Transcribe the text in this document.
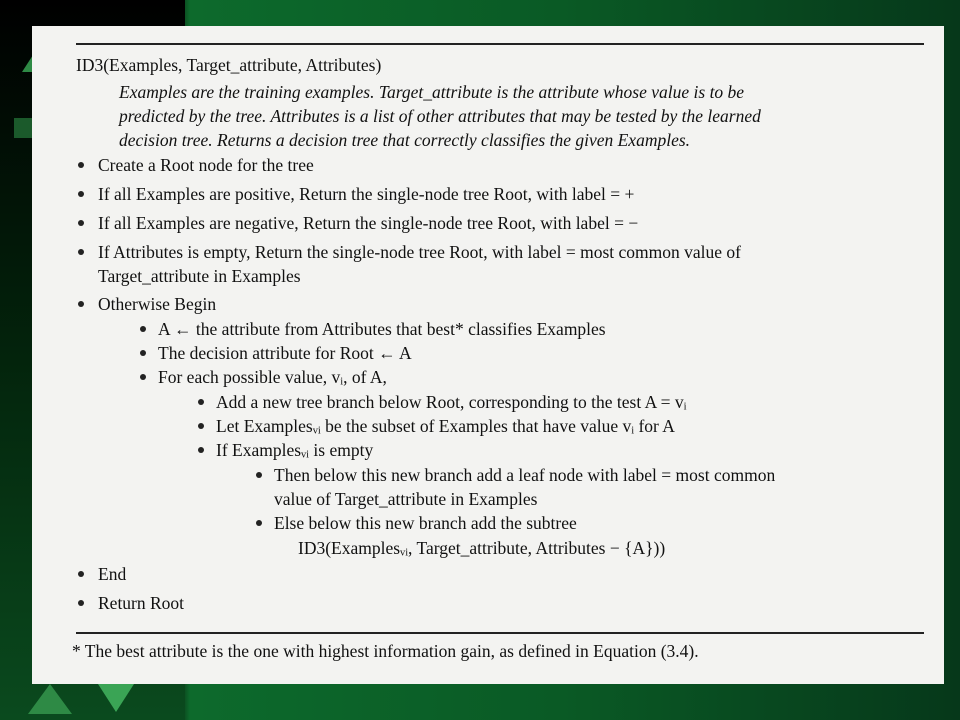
ID3(Examples, Target_attribute, Attributes)
Examples are the training examples. Target_attribute is the attribute whose value is to be
predicted by the tree. Attributes is a list of other attributes that may be tested by the learned
decision tree. Returns a decision tree that correctly classifies the given Examples.
Create a Root node for the tree
If all Examples are positive, Return the single-node tree Root, with label = +
If all Examples are negative, Return the single-node tree Root, with label = −
If Attributes is empty, Return the single-node tree Root, with label = most common value of
Target_attribute in Examples
Otherwise Begin
A ← the attribute from Attributes that best* classifies Examples
The decision attribute for Root ← A
For each possible value, vᵢ, of A,
Add a new tree branch below Root, corresponding to the test A = vᵢ
Let Examplesᵥᵢ be the subset of Examples that have value vᵢ for A
If Examplesᵥᵢ is empty
Then below this new branch add a leaf node with label = most common
value of Target_attribute in Examples
Else below this new branch add the subtree
ID3(Examplesᵥᵢ, Target_attribute, Attributes − {A}))
End
Return Root
* The best attribute is the one with highest information gain, as defined in Equation (3.4).
